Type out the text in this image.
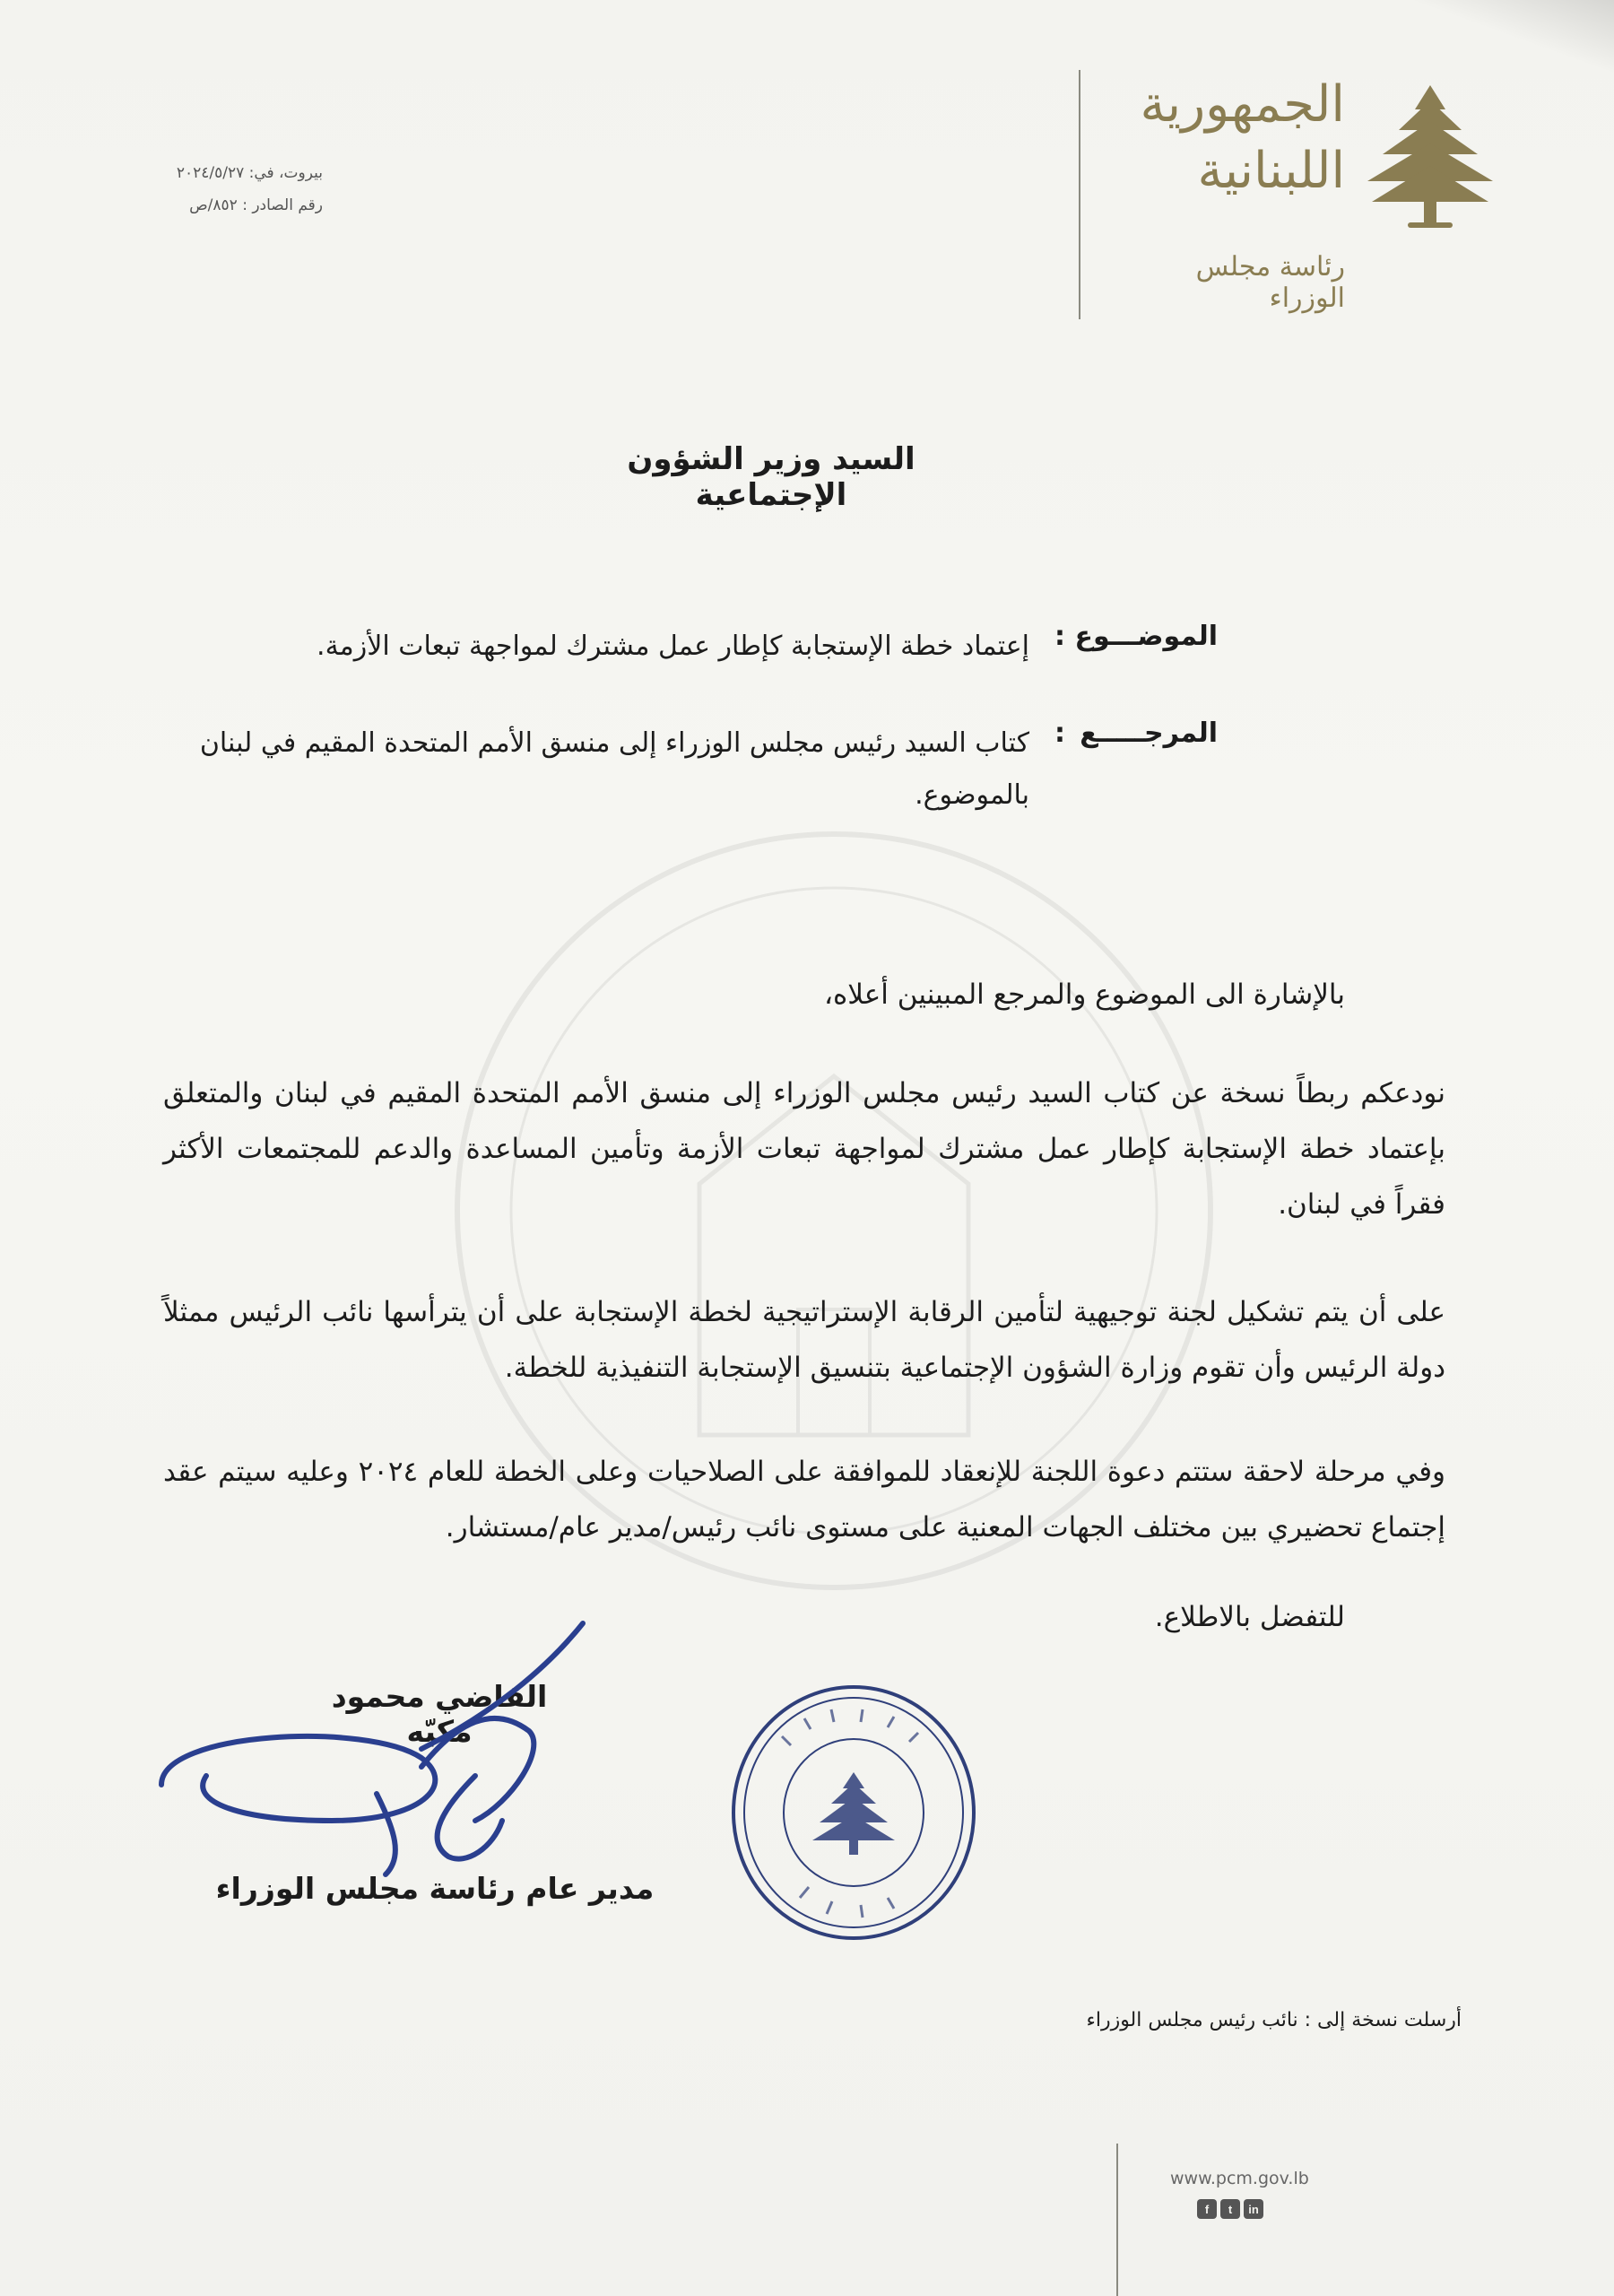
الجمهورية
اللبنانية
رئاسة مجلس الوزراء
بيروت، في: ٢٠٢٤/٥/٢٧
رقم الصادر : ٨٥٢/ص
السيد وزير الشؤون الإجتماعية
الموضـــوع
:
إعتماد خطة الإستجابة كإطار عمل مشترك لمواجهة تبعات الأزمة.
المرجـــــع
:
كتاب السيد رئيس مجلس الوزراء إلى منسق الأمم المتحدة المقيم في لبنان بالموضوع.
بالإشارة الى الموضوع والمرجع المبينين أعلاه،
نودعكم ربطاً نسخة عن كتاب السيد رئيس مجلس الوزراء إلى منسق الأمم المتحدة المقيم في لبنان والمتعلق بإعتماد خطة الإستجابة كإطار عمل مشترك لمواجهة تبعات الأزمة وتأمين المساعدة والدعم للمجتمعات الأكثر فقراً في لبنان.
على أن يتم تشكيل لجنة توجيهية لتأمين الرقابة الإستراتيجية لخطة الإستجابة على أن يترأسها نائب الرئيس ممثلاً دولة الرئيس وأن تقوم وزارة الشؤون الإجتماعية بتنسيق الإستجابة التنفيذية للخطة.
وفي مرحلة لاحقة ستتم دعوة اللجنة للإنعقاد للموافقة على الصلاحيات وعلى الخطة للعام ٢٠٢٤ وعليه سيتم عقد إجتماع تحضيري بين مختلف الجهات المعنية على مستوى نائب رئيس/مدير عام/مستشار.
للتفضل بالاطلاع.
القاضي محمود مكيّه
مدير عام رئاسة مجلس الوزراء
أرسلت نسخة إلى : نائب رئيس مجلس الوزراء
www.pcm.gov.lb
f	t	in
